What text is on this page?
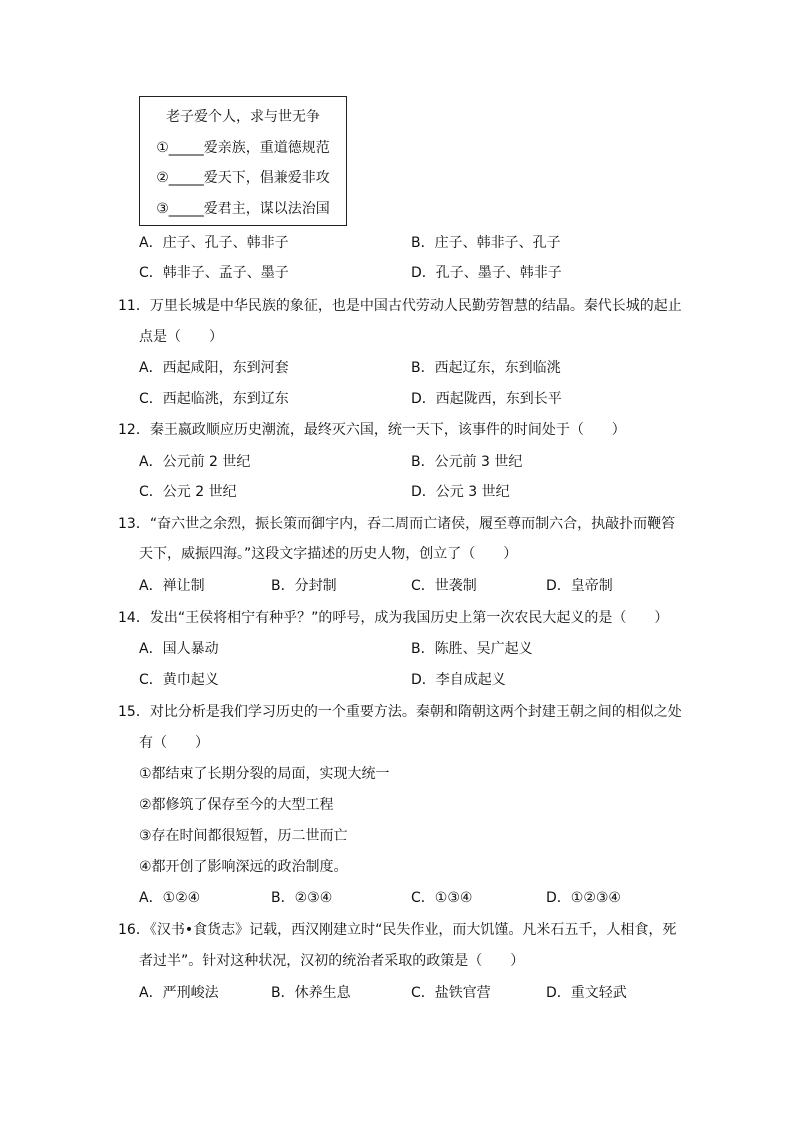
老子爱个人，求与世无争
①_____爱亲族，重道德规范
②_____爱天下，倡兼爱非攻
③_____爱君主，谋以法治国
A．庄子、孔子、韩非子	B．庄子、韩非子、孔子
C．韩非子、孟子、墨子	D．孔子、墨子、韩非子
11．万里长城是中华民族的象征，也是中国古代劳动人民勤劳智慧的结晶。秦代长城的起止
点是（　　）
A．西起咸阳，东到河套	B．西起辽东，东到临洮
C．西起临洮，东到辽东	D．西起陇西，东到长平
12．秦王嬴政顺应历史潮流，最终灭六国，统一天下，该事件的时间处于（　　）
A．公元前 2 世纪	B．公元前 3 世纪
C．公元 2 世纪	D．公元 3 世纪
13．“奋六世之余烈，振长策而御宇内，吞二周而亡诸侯，履至尊而制六合，执敲扑而鞭笞
天下，威振四海。”这段文字描述的历史人物，创立了（　　）
A．禅让制	B．分封制	C．世袭制	D．皇帝制
14．发出“王侯将相宁有种乎？”的呼号，成为我国历史上第一次农民大起义的是（　　）
A．国人暴动	B．陈胜、吴广起义
C．黄巾起义	D．李自成起义
15．对比分析是我们学习历史的一个重要方法。秦朝和隋朝这两个封建王朝之间的相似之处
有（　　）
①都结束了长期分裂的局面，实现大统一
②都修筑了保存至今的大型工程
③存在时间都很短暂，历二世而亡
④都开创了影响深远的政治制度。
A．①②④	B．②③④	C．①③④	D．①②③④
16．《汉书•食货志》记载，西汉刚建立时“民失作业，而大饥馑。凡米石五千，人相食，死
者过半”。针对这种状况，汉初的统治者采取的政策是（　　）
A．严刑峻法	B．休养生息	C．盐铁官营	D．重文轻武
